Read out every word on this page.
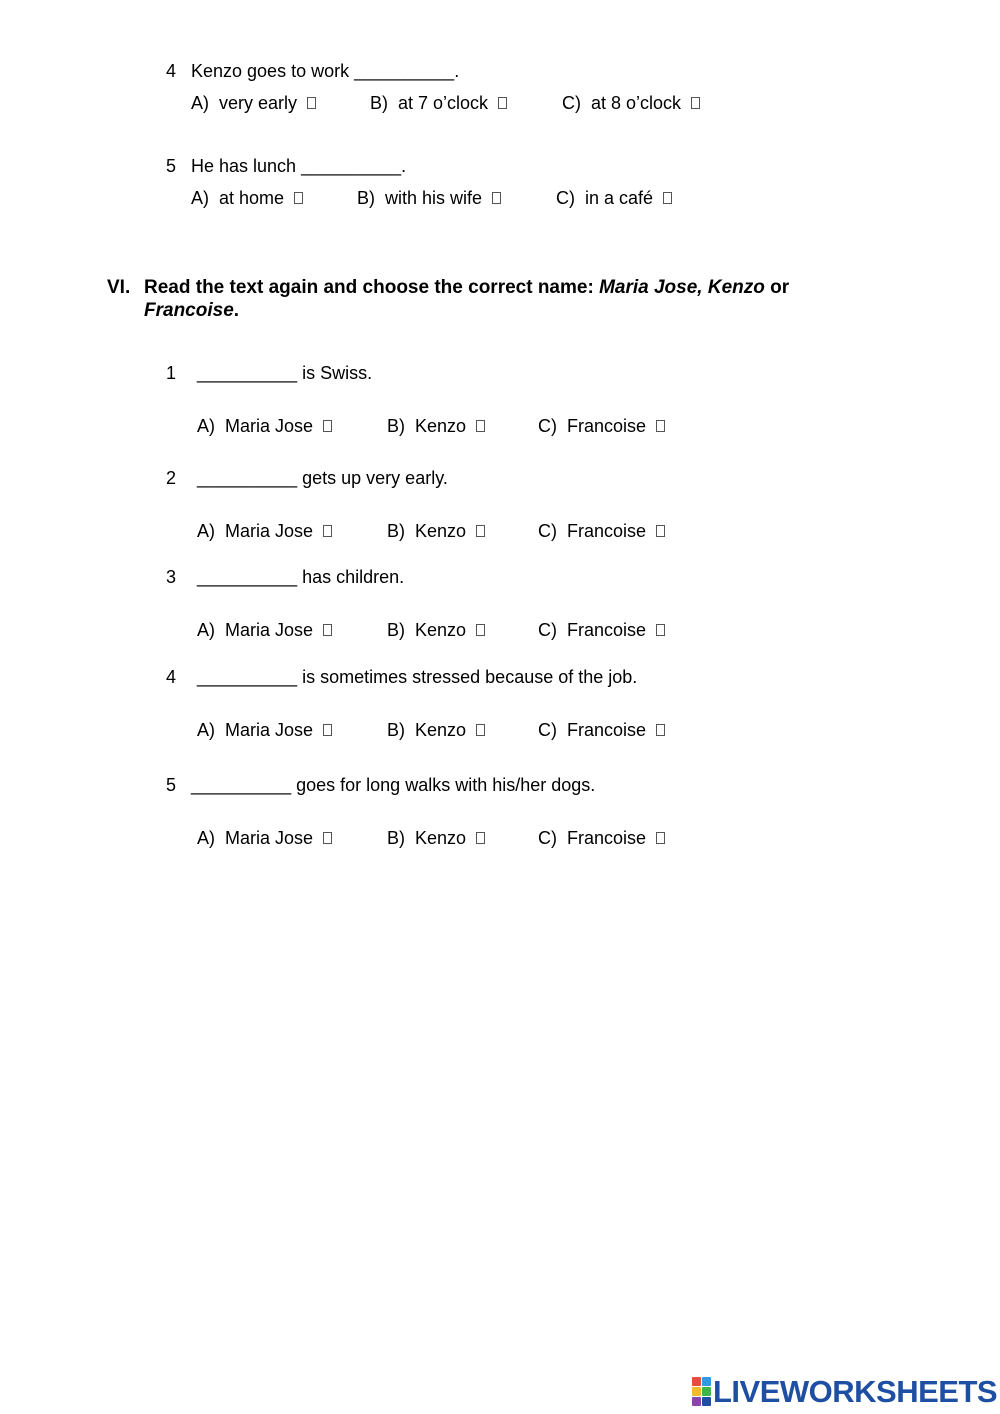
4 Kenzo goes to work __________.
A)
very early	B)
at 7 o’clock	C)
at 8 o’clock
5 He has lunch __________.
A)
at home	B)
with his wife	C)
in a café
VI. Read the text again and choose the correct name: Maria Jose, Kenzo or Francoise.
1 __________ is Swiss.
A)
Maria Jose	B)
Kenzo	C)
Francoise
2 __________ gets up very early.
A)
Maria Jose	B)
Kenzo	C)
Francoise
3 __________ has children.
A)
Maria Jose	B)
Kenzo	C)
Francoise
4 __________ is sometimes stressed because of the job.
A)
Maria Jose	B)
Kenzo	C)
Francoise
5 __________ goes for long walks with his/her dogs.
A)
Maria Jose	B)
Kenzo	C)
Francoise
LIVEWORKSHEETS
